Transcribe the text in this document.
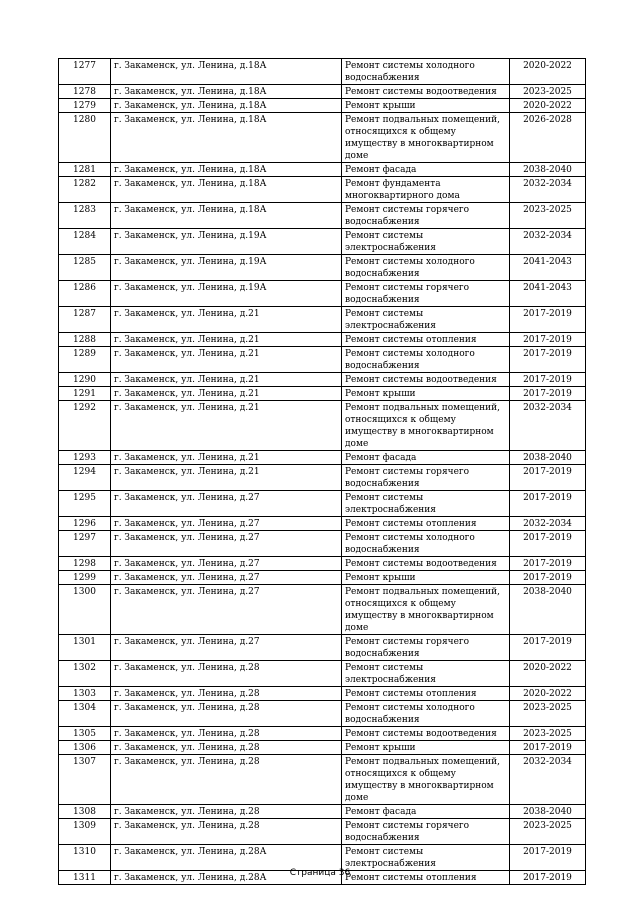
1277	г. Закаменск, ул. Ленина, д.18А	Ремонт системы холодного водоснабжения	2020-2022
1278	г. Закаменск, ул. Ленина, д.18А	Ремонт системы водоотведения	2023-2025
1279	г. Закаменск, ул. Ленина, д.18А	Ремонт крыши	2020-2022
1280	г. Закаменск, ул. Ленина, д.18А	Ремонт подвальных помещений, относящихся к общему имуществу в многоквартирном доме	2026-2028
1281	г. Закаменск, ул. Ленина, д.18А	Ремонт фасада	2038-2040
1282	г. Закаменск, ул. Ленина, д.18А	Ремонт фундамента многоквартирного дома	2032-2034
1283	г. Закаменск, ул. Ленина, д.18А	Ремонт системы горячего водоснабжения	2023-2025
1284	г. Закаменск, ул. Ленина, д.19А	Ремонт системы электроснабжения	2032-2034
1285	г. Закаменск, ул. Ленина, д.19А	Ремонт системы холодного водоснабжения	2041-2043
1286	г. Закаменск, ул. Ленина, д.19А	Ремонт системы горячего водоснабжения	2041-2043
1287	г. Закаменск, ул. Ленина, д.21	Ремонт системы электроснабжения	2017-2019
1288	г. Закаменск, ул. Ленина, д.21	Ремонт системы отопления	2017-2019
1289	г. Закаменск, ул. Ленина, д.21	Ремонт системы холодного водоснабжения	2017-2019
1290	г. Закаменск, ул. Ленина, д.21	Ремонт системы водоотведения	2017-2019
1291	г. Закаменск, ул. Ленина, д.21	Ремонт крыши	2017-2019
1292	г. Закаменск, ул. Ленина, д.21	Ремонт подвальных помещений, относящихся к общему имуществу в многоквартирном доме	2032-2034
1293	г. Закаменск, ул. Ленина, д.21	Ремонт фасада	2038-2040
1294	г. Закаменск, ул. Ленина, д.21	Ремонт системы горячего водоснабжения	2017-2019
1295	г. Закаменск, ул. Ленина, д.27	Ремонт системы электроснабжения	2017-2019
1296	г. Закаменск, ул. Ленина, д.27	Ремонт системы отопления	2032-2034
1297	г. Закаменск, ул. Ленина, д.27	Ремонт системы холодного водоснабжения	2017-2019
1298	г. Закаменск, ул. Ленина, д.27	Ремонт системы водоотведения	2017-2019
1299	г. Закаменск, ул. Ленина, д.27	Ремонт крыши	2017-2019
1300	г. Закаменск, ул. Ленина, д.27	Ремонт подвальных помещений, относящихся к общему имуществу в многоквартирном доме	2038-2040
1301	г. Закаменск, ул. Ленина, д.27	Ремонт системы горячего водоснабжения	2017-2019
1302	г. Закаменск, ул. Ленина, д.28	Ремонт системы электроснабжения	2020-2022
1303	г. Закаменск, ул. Ленина, д.28	Ремонт системы отопления	2020-2022
1304	г. Закаменск, ул. Ленина, д.28	Ремонт системы холодного водоснабжения	2023-2025
1305	г. Закаменск, ул. Ленина, д.28	Ремонт системы водоотведения	2023-2025
1306	г. Закаменск, ул. Ленина, д.28	Ремонт крыши	2017-2019
1307	г. Закаменск, ул. Ленина, д.28	Ремонт подвальных помещений, относящихся к общему имуществу в многоквартирном доме	2032-2034
1308	г. Закаменск, ул. Ленина, д.28	Ремонт фасада	2038-2040
1309	г. Закаменск, ул. Ленина, д.28	Ремонт системы горячего водоснабжения	2023-2025
1310	г. Закаменск, ул. Ленина, д.28А	Ремонт системы электроснабжения	2017-2019
1311	г. Закаменск, ул. Ленина, д.28А	Ремонт системы отопления	2017-2019
Страница 36
